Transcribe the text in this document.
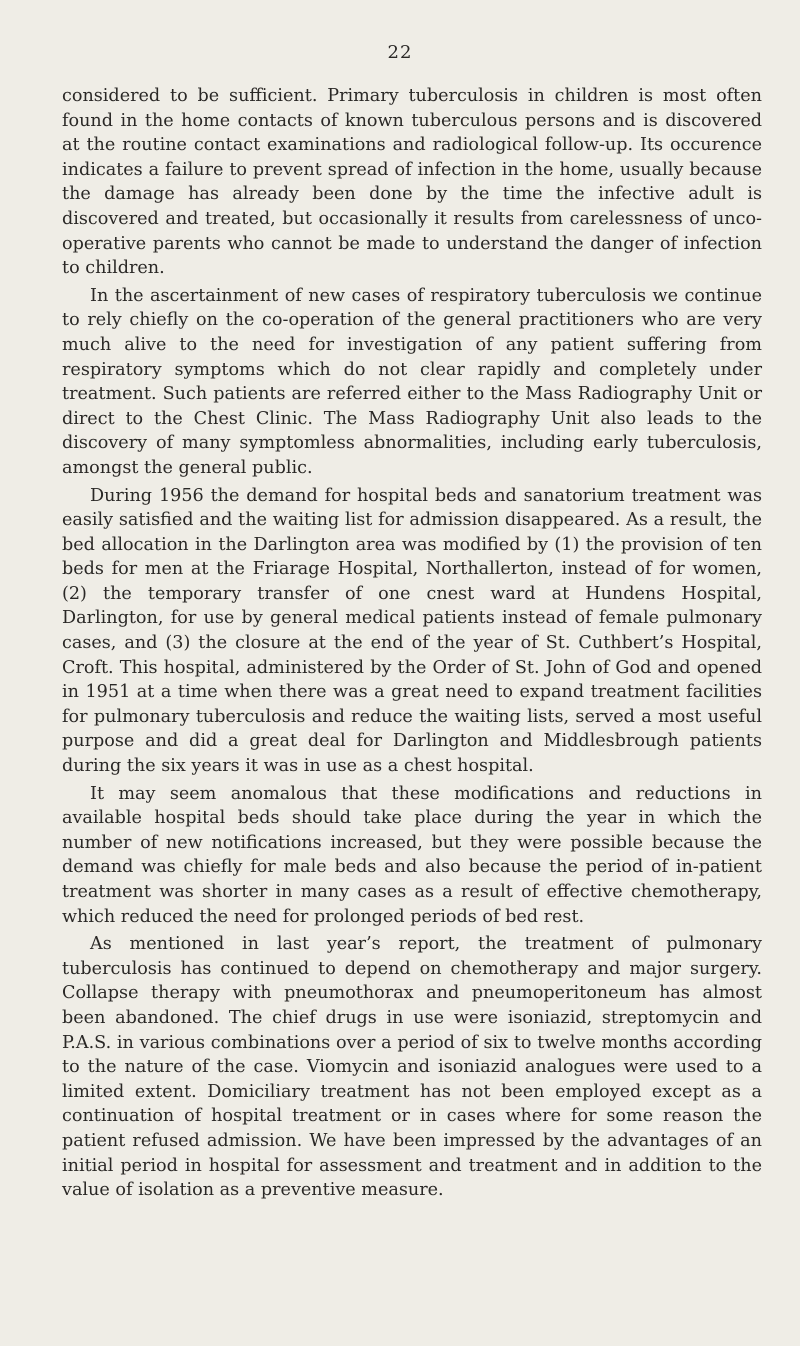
22

considered to be sufficient. Primary tuberculosis in children is most often found in the home contacts of known tuberculous persons and is discovered at the routine contact examinations and radiological follow-up. Its occurence indicates a failure to prevent spread of infection in the home, usually because the damage has already been done by the time the infective adult is discovered and treated, but occasionally it results from carelessness of unco-operative parents who cannot be made to understand the danger of infection to children.

In the ascertainment of new cases of respiratory tuberculosis we continue to rely chiefly on the co-operation of the general practitioners who are very much alive to the need for investigation of any patient suffering from respiratory symptoms which do not clear rapidly and completely under treatment. Such patients are referred either to the Mass Radiography Unit or direct to the Chest Clinic. The Mass Radiography Unit also leads to the discovery of many symptomless abnormalities, including early tuberculosis, amongst the general public.

During 1956 the demand for hospital beds and sanatorium treatment was easily satisfied and the waiting list for admission disappeared. As a result, the bed allocation in the Darlington area was modified by (1) the provision of ten beds for men at the Friarage Hospital, Northallerton, instead of for women, (2) the temporary transfer of one cnest ward at Hundens Hospital, Darlington, for use by general medical patients instead of female pulmonary cases, and (3) the closure at the end of the year of St. Cuthbert’s Hospital, Croft. This hospital, administered by the Order of St. John of God and opened in 1951 at a time when there was a great need to expand treatment facilities for pulmonary tuberculosis and reduce the waiting lists, served a most useful purpose and did a great deal for Darlington and Middlesbrough patients during the six years it was in use as a chest hospital.

It may seem anomalous that these modifications and reductions in available hospital beds should take place during the year in which the number of new notifications increased, but they were possible because the demand was chiefly for male beds and also because the period of in-patient treatment was shorter in many cases as a result of effective chemotherapy, which reduced the need for prolonged periods of bed rest.

As mentioned in last year’s report, the treatment of pulmonary tuberculosis has continued to depend on chemotherapy and major surgery. Collapse therapy with pneumothorax and pneumoperitoneum has almost been abandoned. The chief drugs in use were isoniazid, streptomycin and P.A.S. in various combinations over a period of six to twelve months according to the nature of the case. Viomycin and isoniazid analogues were used to a limited extent. Domiciliary treatment has not been employed except as a continuation of hospital treatment or in cases where for some reason the patient refused admission. We have been impressed by the advantages of an initial period in hospital for assessment and treatment and in addition to the value of isolation as a preventive measure.
